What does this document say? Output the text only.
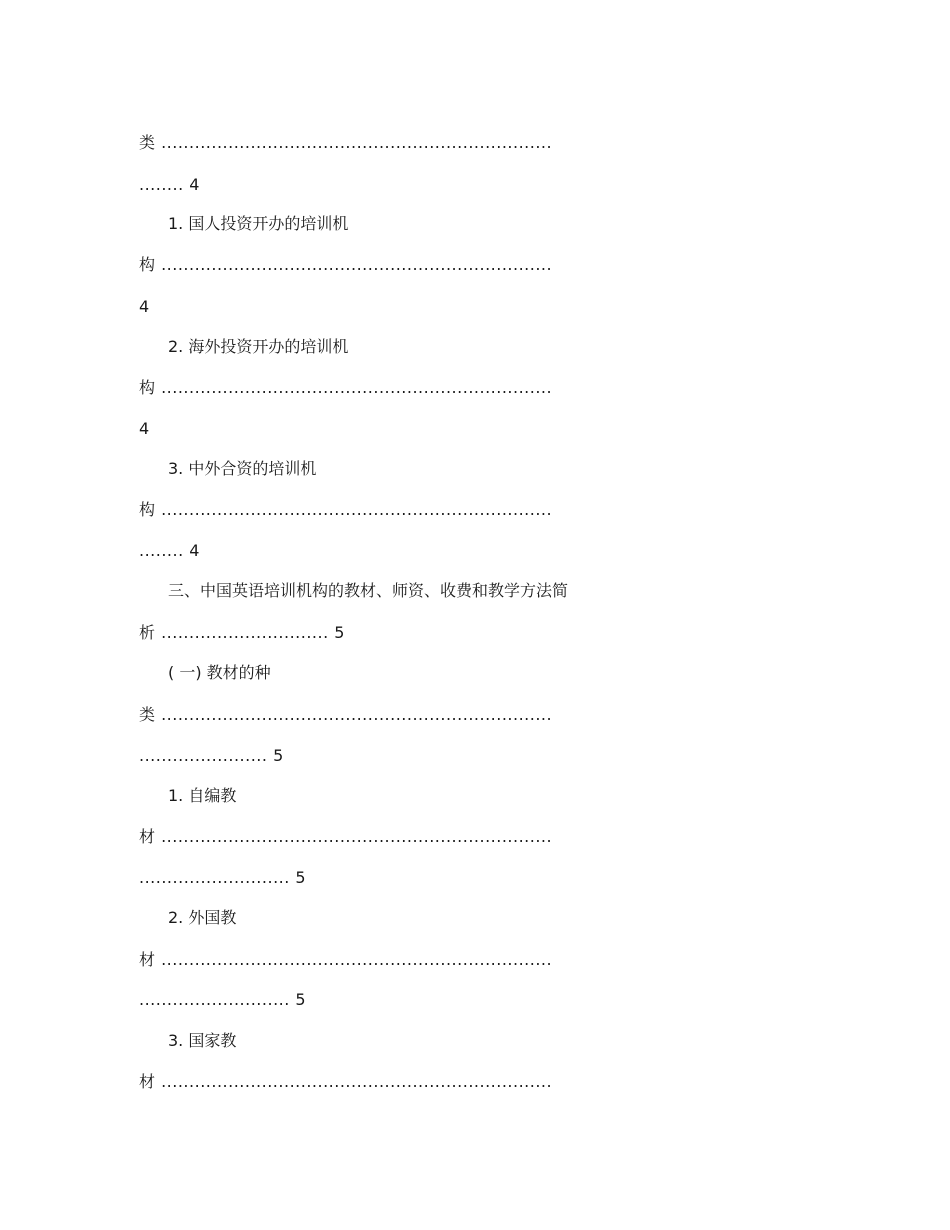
类 ......................................................................
........ 4
1. 国人投资开办的培训机
构 ......................................................................
4
2. 海外投资开办的培训机
构 ......................................................................
4
3. 中外合资的培训机
构 ......................................................................
........ 4
三、中国英语培训机构的教材、师资、收费和教学方法简
析 .............................. 5
( 一) 教材的种
类 ......................................................................
....................... 5
1. 自编教
材 ......................................................................
........................... 5
2. 外国教
材 ......................................................................
........................... 5
3. 国家教
材 ......................................................................
